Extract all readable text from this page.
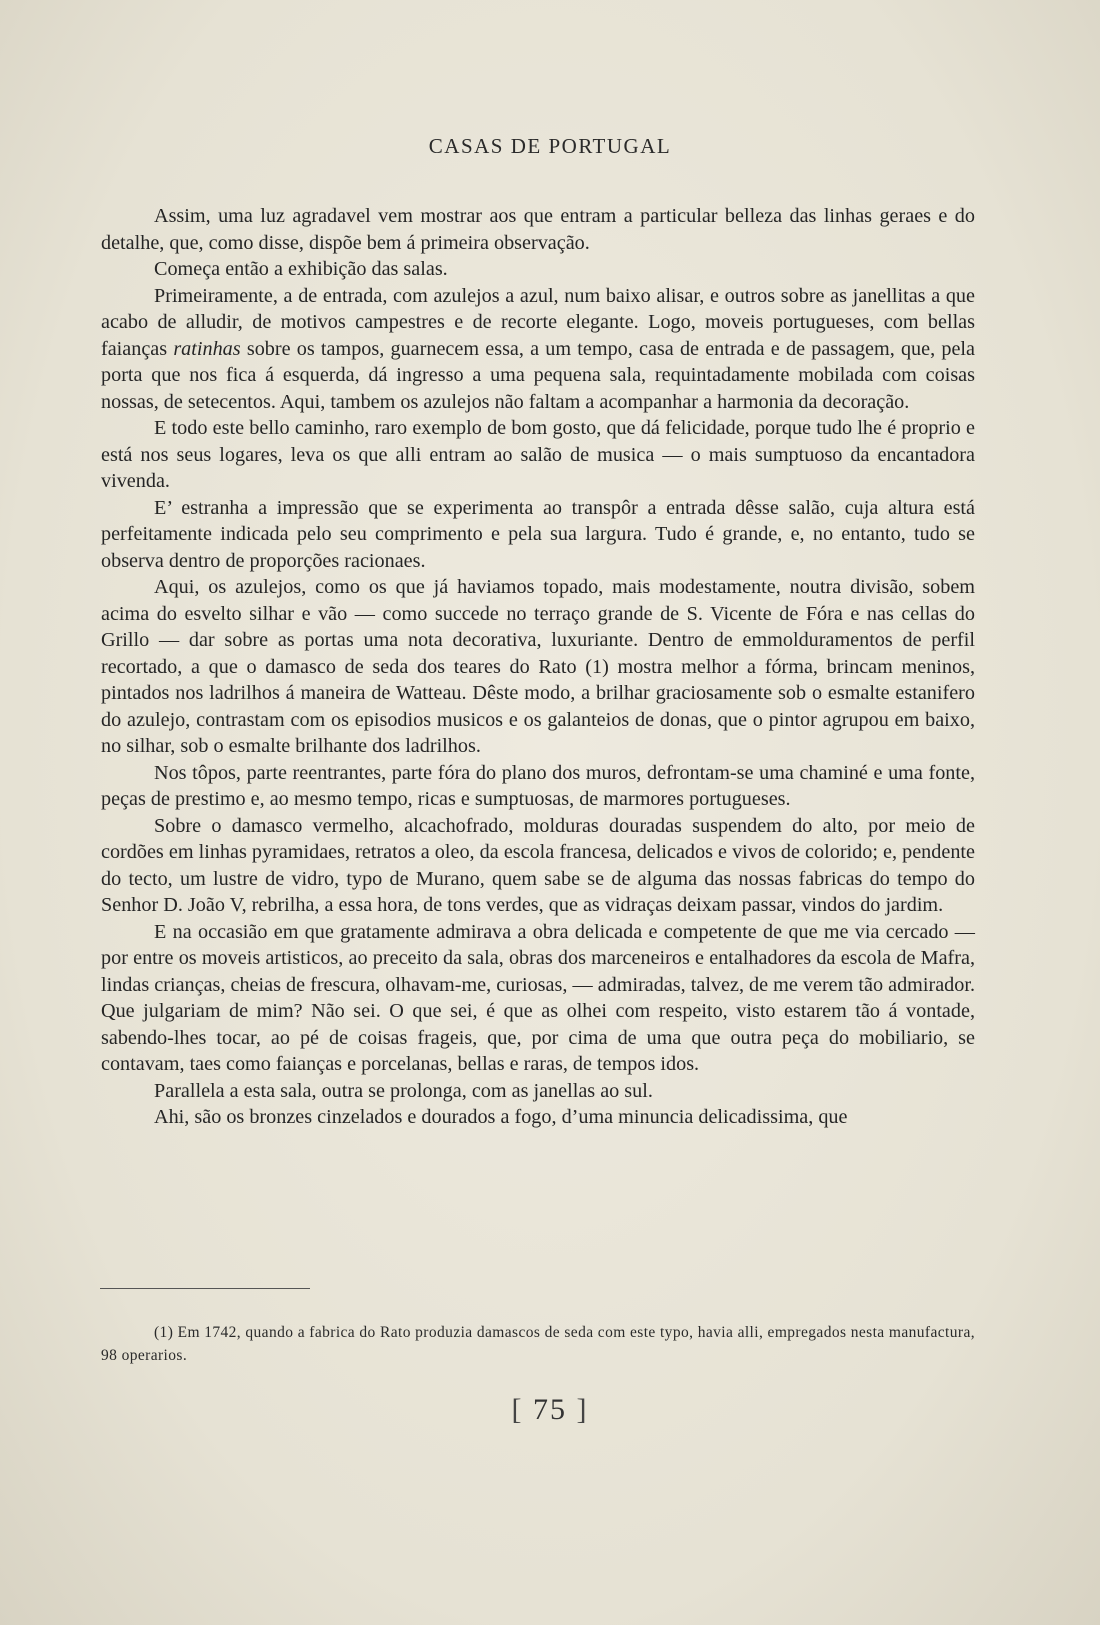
CASAS DE PORTUGAL

Assim, uma luz agradavel vem mostrar aos que entram a particular belleza das linhas geraes e do detalhe, que, como disse, dispõe bem á primeira observação.

Começa então a exhibição das salas.

Primeiramente, a de entrada, com azulejos a azul, num baixo alisar, e outros sobre as janellitas a que acabo de alludir, de motivos campestres e de recorte elegante. Logo, moveis portugueses, com bellas faianças ratinhas sobre os tampos, guarnecem essa, a um tempo, casa de entrada e de passagem, que, pela porta que nos fica á esquerda, dá ingresso a uma pequena sala, requintadamente mobilada com coisas nossas, de setecentos. Aqui, tambem os azulejos não faltam a acompanhar a harmonia da decoração.

E todo este bello caminho, raro exemplo de bom gosto, que dá felicidade, porque tudo lhe é proprio e está nos seus logares, leva os que alli entram ao salão de musica — o mais sumptuoso da encantadora vivenda.

E’ estranha a impressão que se experimenta ao transpôr a entrada dêsse salão, cuja altura está perfeitamente indicada pelo seu comprimento e pela sua largura. Tudo é grande, e, no entanto, tudo se observa dentro de proporções racionaes.

Aqui, os azulejos, como os que já haviamos topado, mais modestamente, noutra divisão, sobem acima do esvelto silhar e vão — como succede no terraço grande de S. Vicente de Fóra e nas cellas do Grillo — dar sobre as portas uma nota decorativa, luxuriante. Dentro de emmolduramentos de perfil recortado, a que o damasco de seda dos teares do Rato (1) mostra melhor a fórma, brincam meninos, pintados nos ladrilhos á maneira de Watteau. Dêste modo, a brilhar graciosamente sob o esmalte estanifero do azulejo, contrastam com os episodios musicos e os galanteios de donas, que o pintor agrupou em baixo, no silhar, sob o esmalte brilhante dos ladrilhos.

Nos tôpos, parte reentrantes, parte fóra do plano dos muros, defrontam-se uma chaminé e uma fonte, peças de prestimo e, ao mesmo tempo, ricas e sumptuosas, de marmores portugueses.

Sobre o damasco vermelho, alcachofrado, molduras douradas suspendem do alto, por meio de cordões em linhas pyramidaes, retratos a oleo, da escola francesa, delicados e vivos de colorido; e, pendente do tecto, um lustre de vidro, typo de Murano, quem sabe se de alguma das nossas fabricas do tempo do Senhor D. João V, rebrilha, a essa hora, de tons verdes, que as vidraças deixam passar, vindos do jardim.

E na occasião em que gratamente admirava a obra delicada e competente de que me via cercado — por entre os moveis artisticos, ao preceito da sala, obras dos marceneiros e entalhadores da escola de Mafra, lindas crianças, cheias de frescura, olhavam-me, curiosas, — admiradas, talvez, de me verem tão admirador. Que julgariam de mim? Não sei. O que sei, é que as olhei com respeito, visto estarem tão á vontade, sabendo-lhes tocar, ao pé de coisas frageis, que, por cima de uma que outra peça do mobiliario, se contavam, taes como faianças e porcelanas, bellas e raras, de tempos idos.

Parallela a esta sala, outra se prolonga, com as janellas ao sul.

Ahi, são os bronzes cinzelados e dourados a fogo, d’uma minuncia delicadissima, que

(1) Em 1742, quando a fabrica do Rato produzia damascos de seda com este typo, havia alli, empregados nesta manufactura, 98 operarios.

[ 75 ]
